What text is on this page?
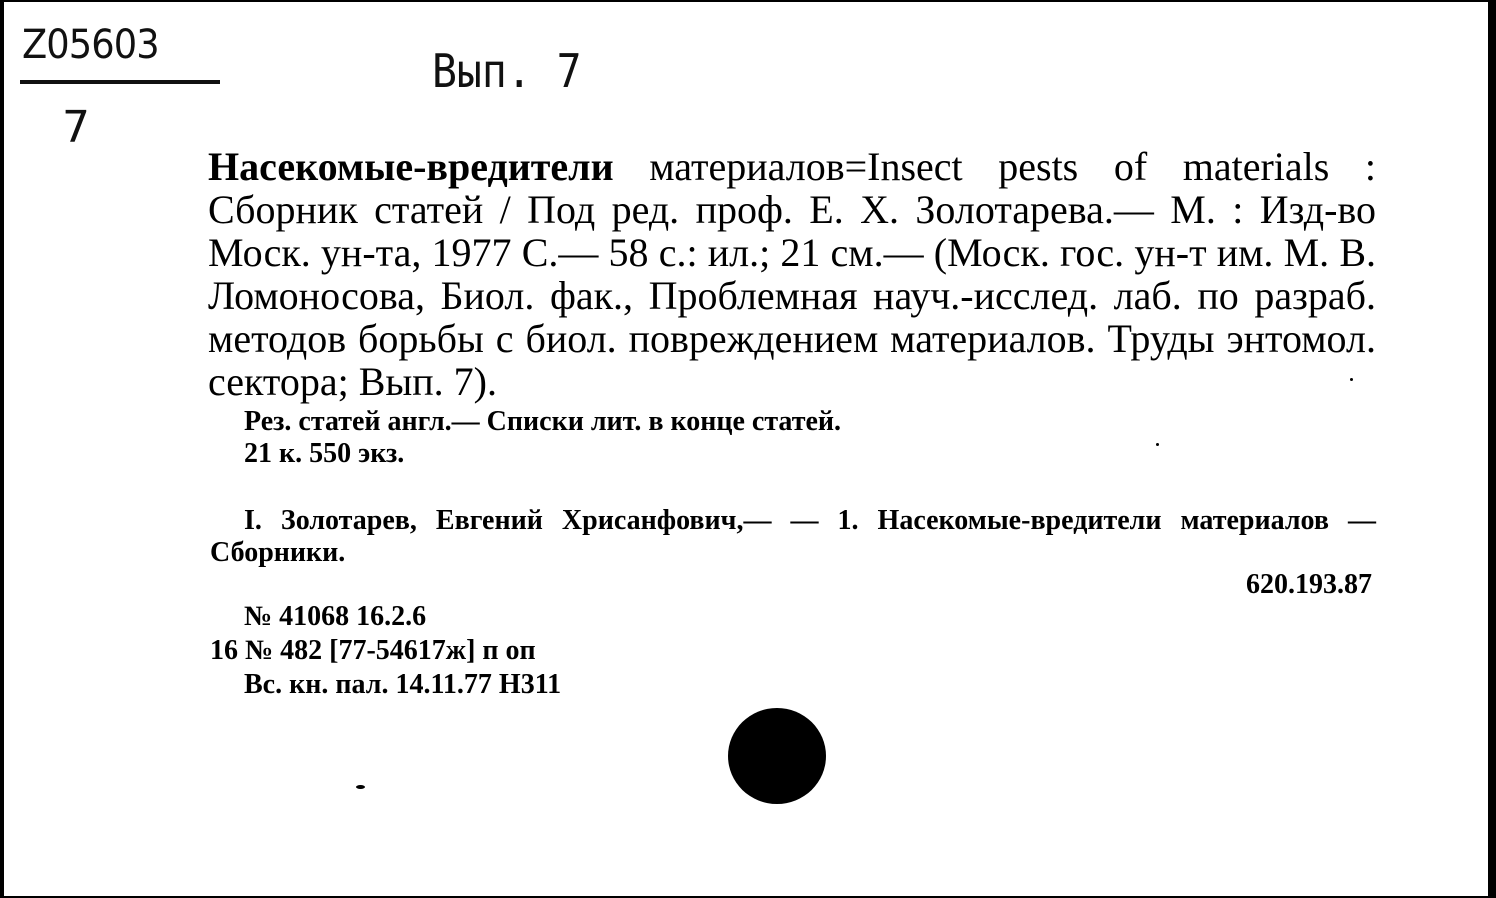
Z05603
7
Вып. 7

Насекомые-вредители материалов=Insect pests of materials : Сборник статей / Под ред. проф. Е. Х. Золотарева.— М. : Изд-во Моск. ун-та, 1977 С.— 58 с.: ил.; 21 см.— (Моск. гос. ун-т им. М. В. Ломоносова, Биол. фак., Проблемная науч.-исслед. лаб. по разраб. методов борьбы с биол. повреждением материалов. Труды энтомол. сектора; Вып. 7).

Рез. статей англ.— Списки лит. в конце статей.

21 к. 550 экз.

I. Золотарев, Евгений Хрисанфович,— — 1. Насекомые-вредители материалов — Сборники.

620.193.87

№ 41068 16.2.6

16 № 482 [77-54617ж] п оп

Вс. кн. пал. 14.11.77 Н311
